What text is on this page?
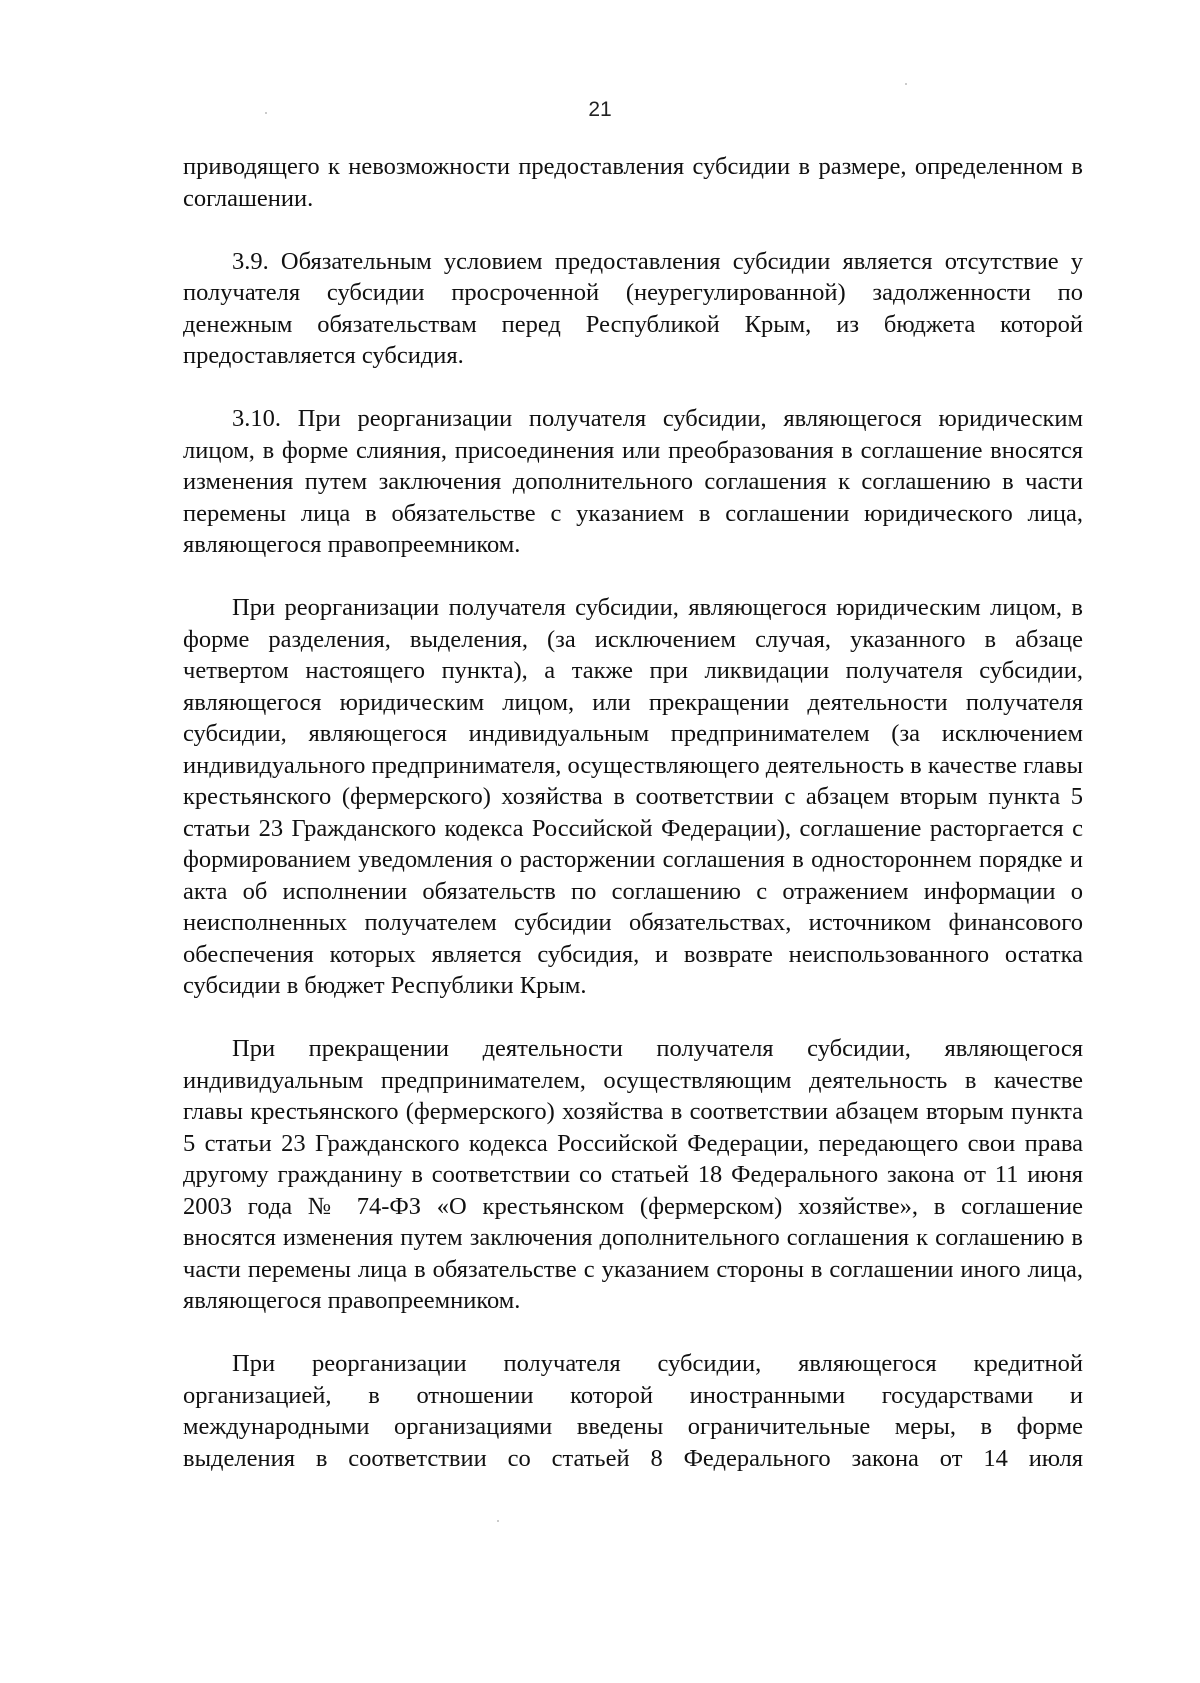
21

приводящего к невозможности предоставления субсидии в размере, определенном в соглашении.

3.9. Обязательным условием предоставления субсидии является отсутствие у получателя субсидии просроченной (неурегулированной) задолженности по денежным обязательствам перед Республикой Крым, из бюджета которой предоставляется субсидия.

3.10. При реорганизации получателя субсидии, являющегося юридическим лицом, в форме слияния, присоединения или преобразования в соглашение вносятся изменения путем заключения дополнительного соглашения к соглашению в части перемены лица в обязательстве с указанием в соглашении юридического лица, являющегося правопреемником.

При реорганизации получателя субсидии, являющегося юридическим лицом, в форме разделения, выделения, (за исключением случая, указанного в абзаце четвертом настоящего пункта), а также при ликвидации получателя субсидии, являющегося юридическим лицом, или прекращении деятельности получателя субсидии, являющегося индивидуальным предпринимателем (за исключением индивидуального предпринимателя, осуществляющего деятельность в качестве главы крестьянского (фермерского) хозяйства в соответствии с абзацем вторым пункта 5 статьи 23 Гражданского кодекса Российской Федерации), соглашение расторгается с формированием уведомления о расторжении соглашения в одностороннем порядке и акта об исполнении обязательств по соглашению с отражением информации о неисполненных получателем субсидии обязательствах, источником финансового обеспечения которых является субсидия, и возврате неиспользованного остатка субсидии в бюджет Республики Крым.

При прекращении деятельности получателя субсидии, являющегося индивидуальным предпринимателем, осуществляющим деятельность в качестве главы крестьянского (фермерского) хозяйства в соответствии абзацем вторым пункта 5 статьи 23 Гражданского кодекса Российской Федерации, передающего свои права другому гражданину в соответствии со статьей 18 Федерального закона от 11 июня 2003 года № 74-ФЗ «О крестьянском (фермерском) хозяйстве», в соглашение вносятся изменения путем заключения дополнительного соглашения к соглашению в части перемены лица в обязательстве с указанием стороны в соглашении иного лица, являющегося правопреемником.

При реорганизации получателя субсидии, являющегося кредитной организацией, в отношении которой иностранными государствами и международными организациями введены ограничительные меры, в форме выделения в соответствии со статьей 8 Федерального закона от 14 июля
